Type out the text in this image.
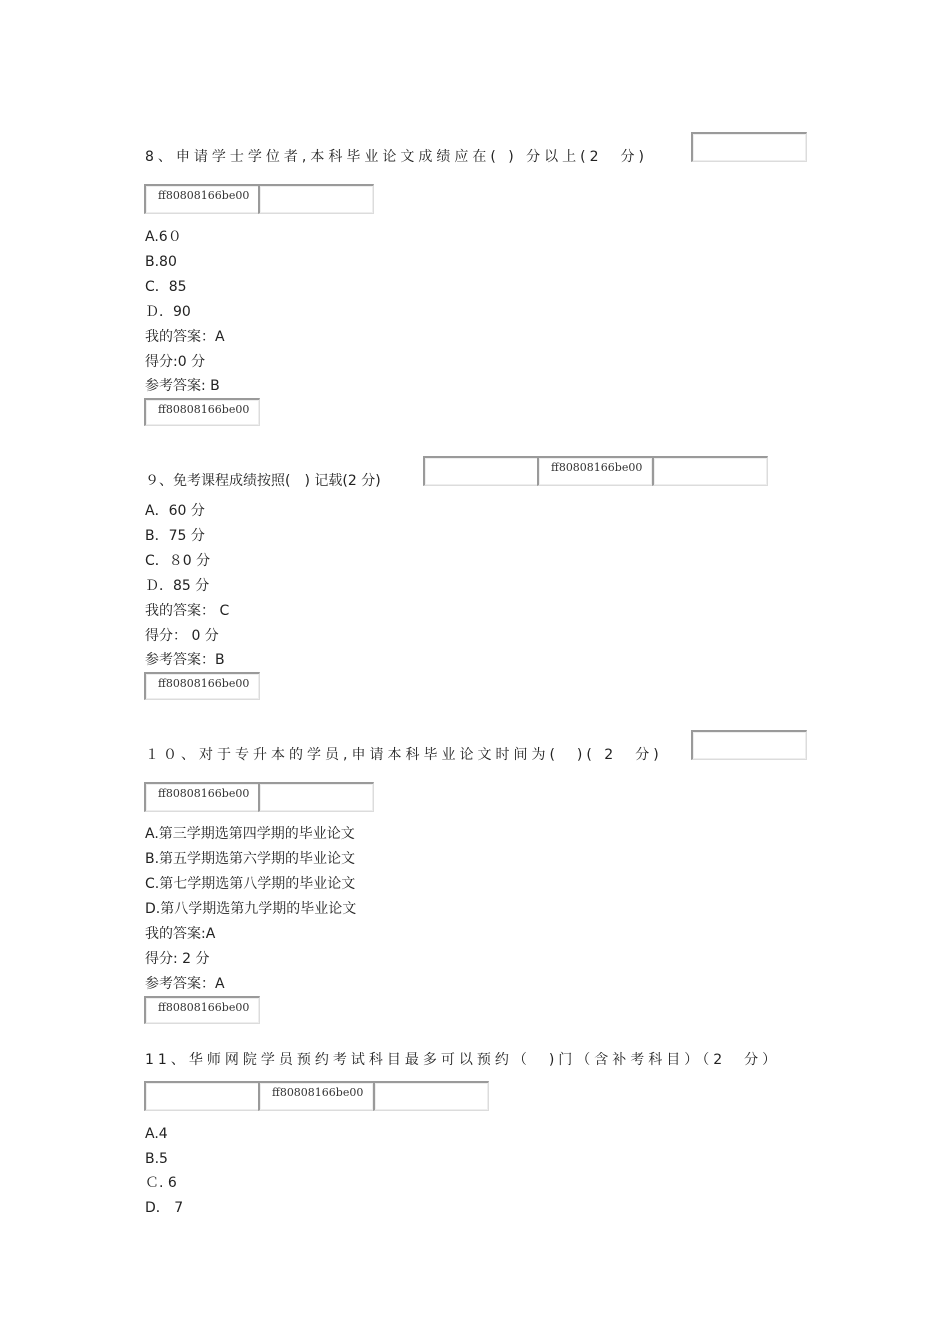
8、申请学士学位者,本科毕业论文成绩应在( ) 分以上(2　分)
ff80808166be00
A.6０
B.80
C．85
Ｄ．90
我的答案：A
得分:0 分
参考答案: B
ff80808166be00
９、免考课程成绩按照(　) 记载(2 分)
ff80808166be00
A．60 分
B．75 分
C．８0 分
Ｄ．85 分
我的答案： C
得分： 0 分
参考答案：B
ff80808166be00
１０、对于专升本的学员,申请本科毕业论文时间为(　)( 2　分)
ff80808166be00
A.第三学期选第四学期的毕业论文
B.第五学期选第六学期的毕业论文
C.第七学期选第八学期的毕业论文
D.第八学期选第九学期的毕业论文
我的答案:A
得分: 2 分
参考答案：A
ff80808166be00
11、华师网院学员预约考试科目最多可以预约（　)门（含补考科目）（2　分）
ff80808166be00
A.4
B.5
Ｃ. 6
D． 7
